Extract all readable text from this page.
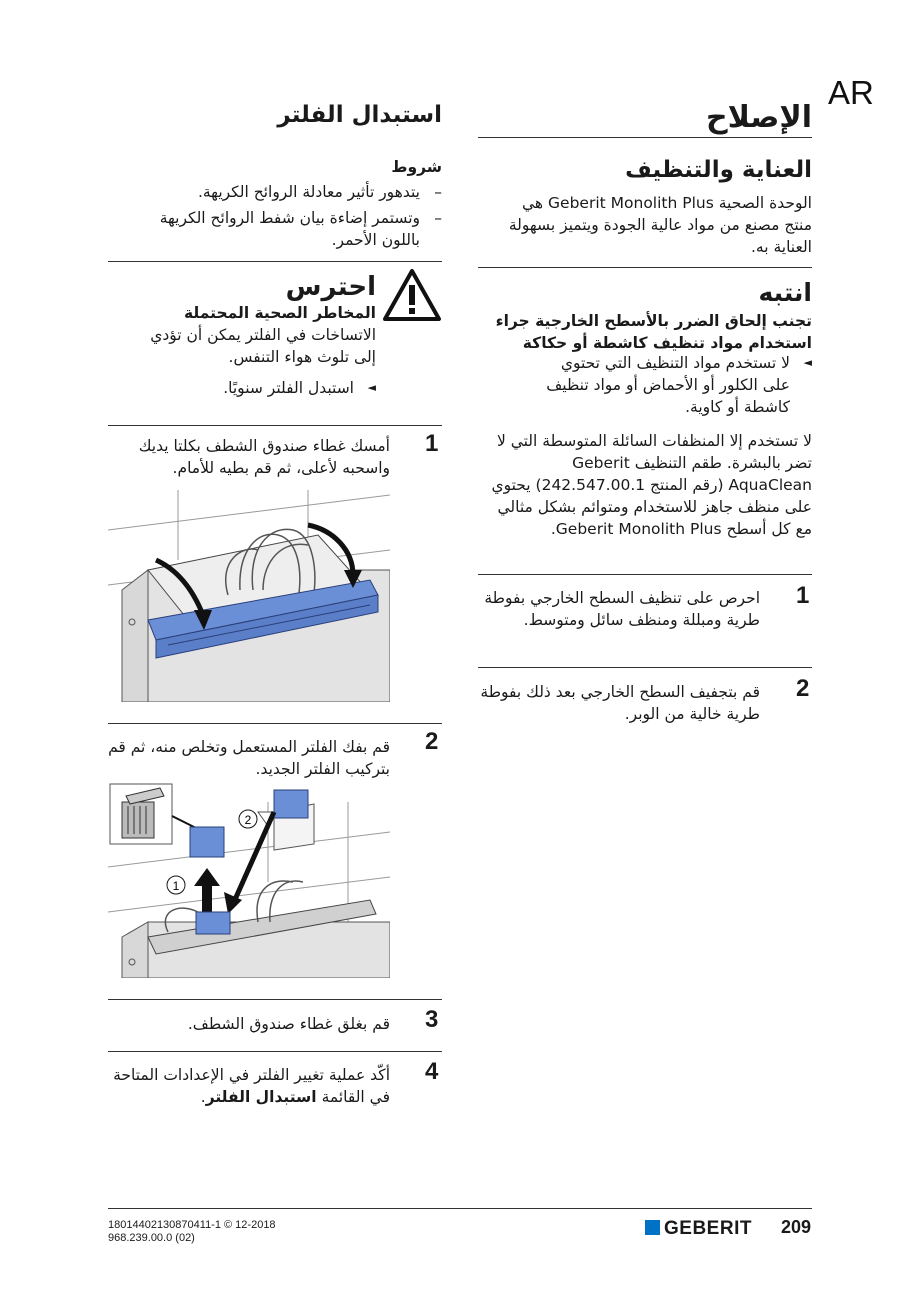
AR
الإصلاح
العناية والتنظيف
الوحدة الصحية Geberit Monolith Plus هي منتج مصنع من مواد عالية الجودة ويتميز بسهولة العناية به.
انتبه
تجنب إلحاق الضرر بالأسطح الخارجية جراء استخدام مواد تنظيف كاشطة أو حكاكة
◄
لا تستخدم مواد التنظيف التي تحتوي على الكلور أو الأحماض أو مواد تنظيف كاشطة أو كاوية.
لا تستخدم إلا المنظفات السائلة المتوسطة التي لا تضر بالبشرة. طقم التنظيف Geberit AquaClean (رقم المنتج 242.547.00.1) يحتوي على منظف جاهز للاستخدام ومتوائم بشكل مثالي مع كل أسطح Geberit Monolith Plus.
1
احرص على تنظيف السطح الخارجي بفوطة طرية ومبللة ومنظف سائل ومتوسط.
2
قم بتجفيف السطح الخارجي بعد ذلك بفوطة طرية خالية من الوبر.
استبدال الفلتر
شروط
–
يتدهور تأثير معادلة الروائح الكريهة.
–
وتستمر إضاءة بيان شفط الروائح الكريهة باللون الأحمر.
احترس
المخاطر الصحية المحتملة
الاتساخات في الفلتر يمكن أن تؤدي إلى تلوث هواء التنفس.
◄
استبدل الفلتر سنويًا.
1
أمسك غطاء صندوق الشطف بكلتا يديك واسحبه لأعلى، ثم قم بطيه للأمام.
2
قم بفك الفلتر المستعمل وتخلص منه، ثم قم بتركيب الفلتر الجديد.
2
1
3
قم بغلق غطاء صندوق الشطف.
4
أكّد عملية تغيير الفلتر في الإعدادات المتاحة في القائمة استبدال الفلتر.
18014402130870411-1 © 12-2018
968.239.00.0 (02)	GEBERIT 209
